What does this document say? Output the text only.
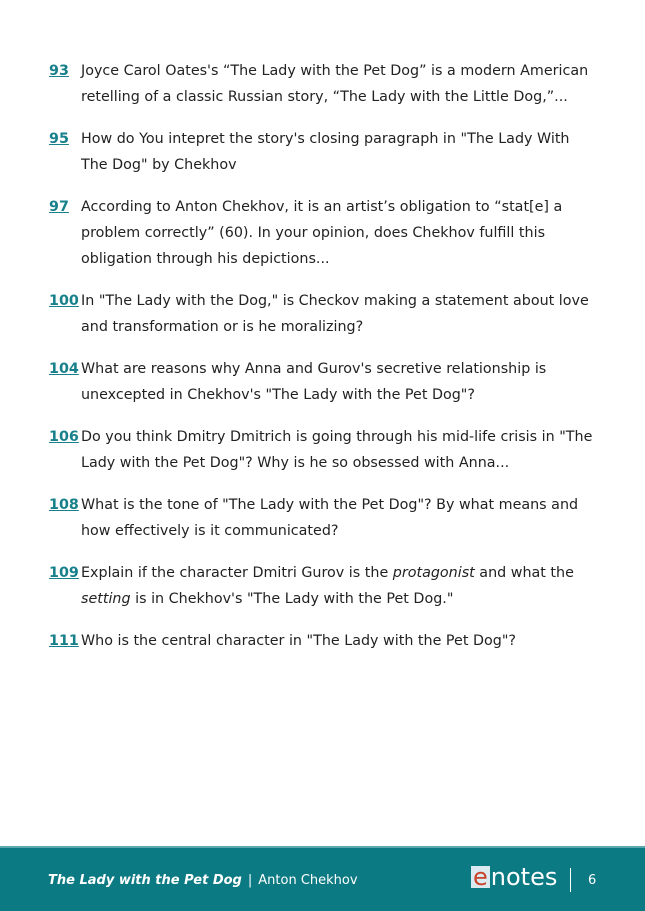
93 Joyce Carol Oates's “The Lady with the Pet Dog” is a modern American retelling of a classic Russian story, “The Lady with the Little Dog,”...
95 How do You intepret the story's closing paragraph in "The Lady With The Dog" by Chekhov
97 According to Anton Chekhov, it is an artist’s obligation to “stat[e] a problem correctly” (60). In your opinion, does Chekhov fulfill this obligation through his depictions...
100 In "The Lady with the Dog," is Checkov making a statement about love and transformation or is he moralizing?
104 What are reasons why Anna and Gurov's secretive relationship is unexcepted in Chekhov's "The Lady with the Pet Dog"?
106 Do you think Dmitry Dmitrich is going through his mid-life crisis in "The Lady with the Pet Dog"? Why is he so obsessed with Anna...
108 What is the tone of "The Lady with the Pet Dog"? By what means and how effectively is it communicated?
109 Explain if the character Dmitri Gurov is the protagonist and what the setting is in Chekhov's "The Lady with the Pet Dog."
111 Who is the central character in "The Lady with the Pet Dog"?
The Lady with the Pet Dog | Anton Chekhov	e notes 6
